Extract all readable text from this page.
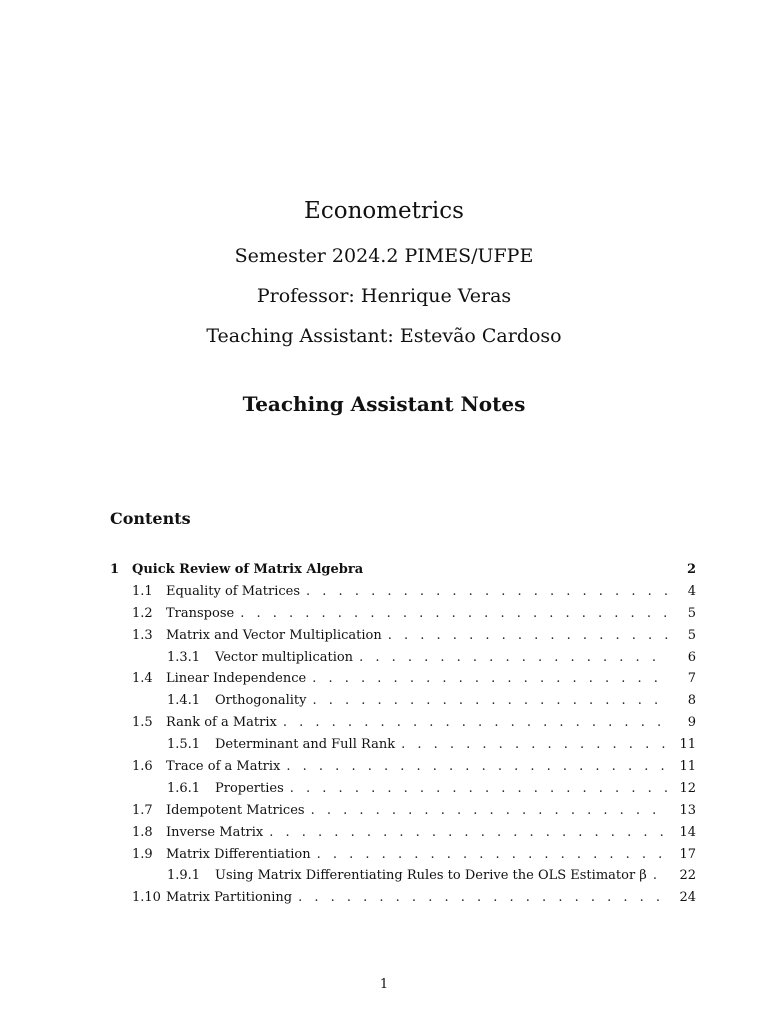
Econometrics
Semester 2024.2 PIMES/UFPE
Professor: Henrique Veras
Teaching Assistant: Estevão Cardoso
Teaching Assistant Notes
Contents
1 Quick Review of Matrix Algebra	2
1.1	Equality of Matrices . . .	4
1.2	Transpose . . .	5
1.3	Matrix and Vector Multiplication . . .	5
1.3.1	Vector multiplication . . .	6
1.4	Linear Independence . . .	7
1.4.1	Orthogonality . . .	8
1.5	Rank of a Matrix . . .	9
1.5.1	Determinant and Full Rank . . .	11
1.6	Trace of a Matrix . . .	11
1.6.1	Properties . . .	12
1.7	Idempotent Matrices . . .	13
1.8	Inverse Matrix . . .	14
1.9	Matrix Differentiation . . .	17
1.9.1	Using Matrix Differentiating Rules to Derive the OLS Estimator β . . .	22
1.10 Matrix Partitioning . . .	24
1
